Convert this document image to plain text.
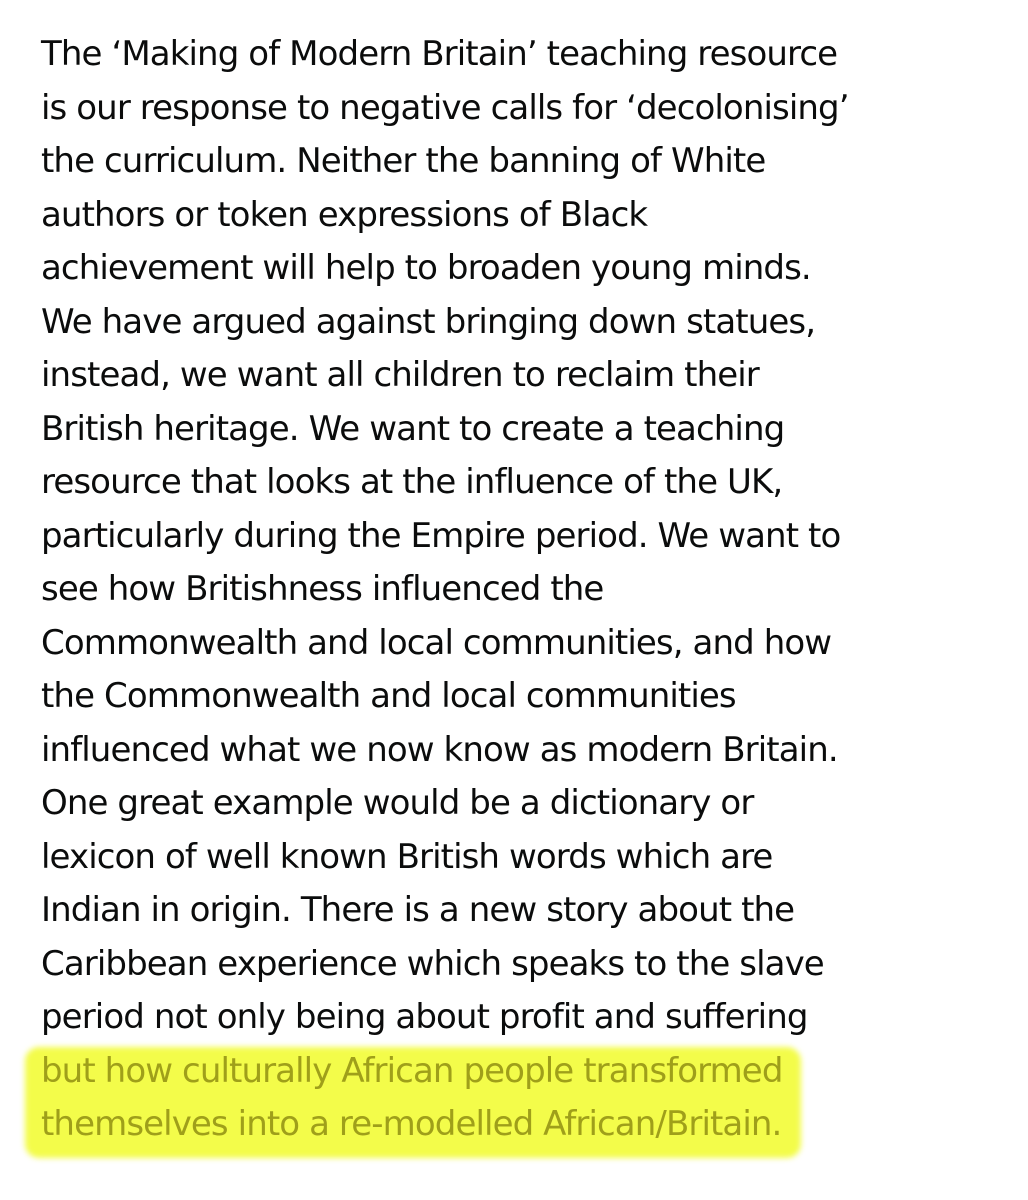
The ‘Making of Modern Britain’ teaching resource
is our response to negative calls for ‘decolonising’
the curriculum. Neither the banning of White
authors or token expressions of Black
achievement will help to broaden young minds.
We have argued against bringing down statues,
instead, we want all children to reclaim their
British heritage. We want to create a teaching
resource that looks at the influence of the UK,
particularly during the Empire period. We want to
see how Britishness influenced the
Commonwealth and local communities, and how
the Commonwealth and local communities
influenced what we now know as modern Britain.
One great example would be a dictionary or
lexicon of well known British words which are
Indian in origin. There is a new story about the
Caribbean experience which speaks to the slave
period not only being about profit and suffering
but how culturally African people transformed
themselves into a re-modelled African/Britain.
